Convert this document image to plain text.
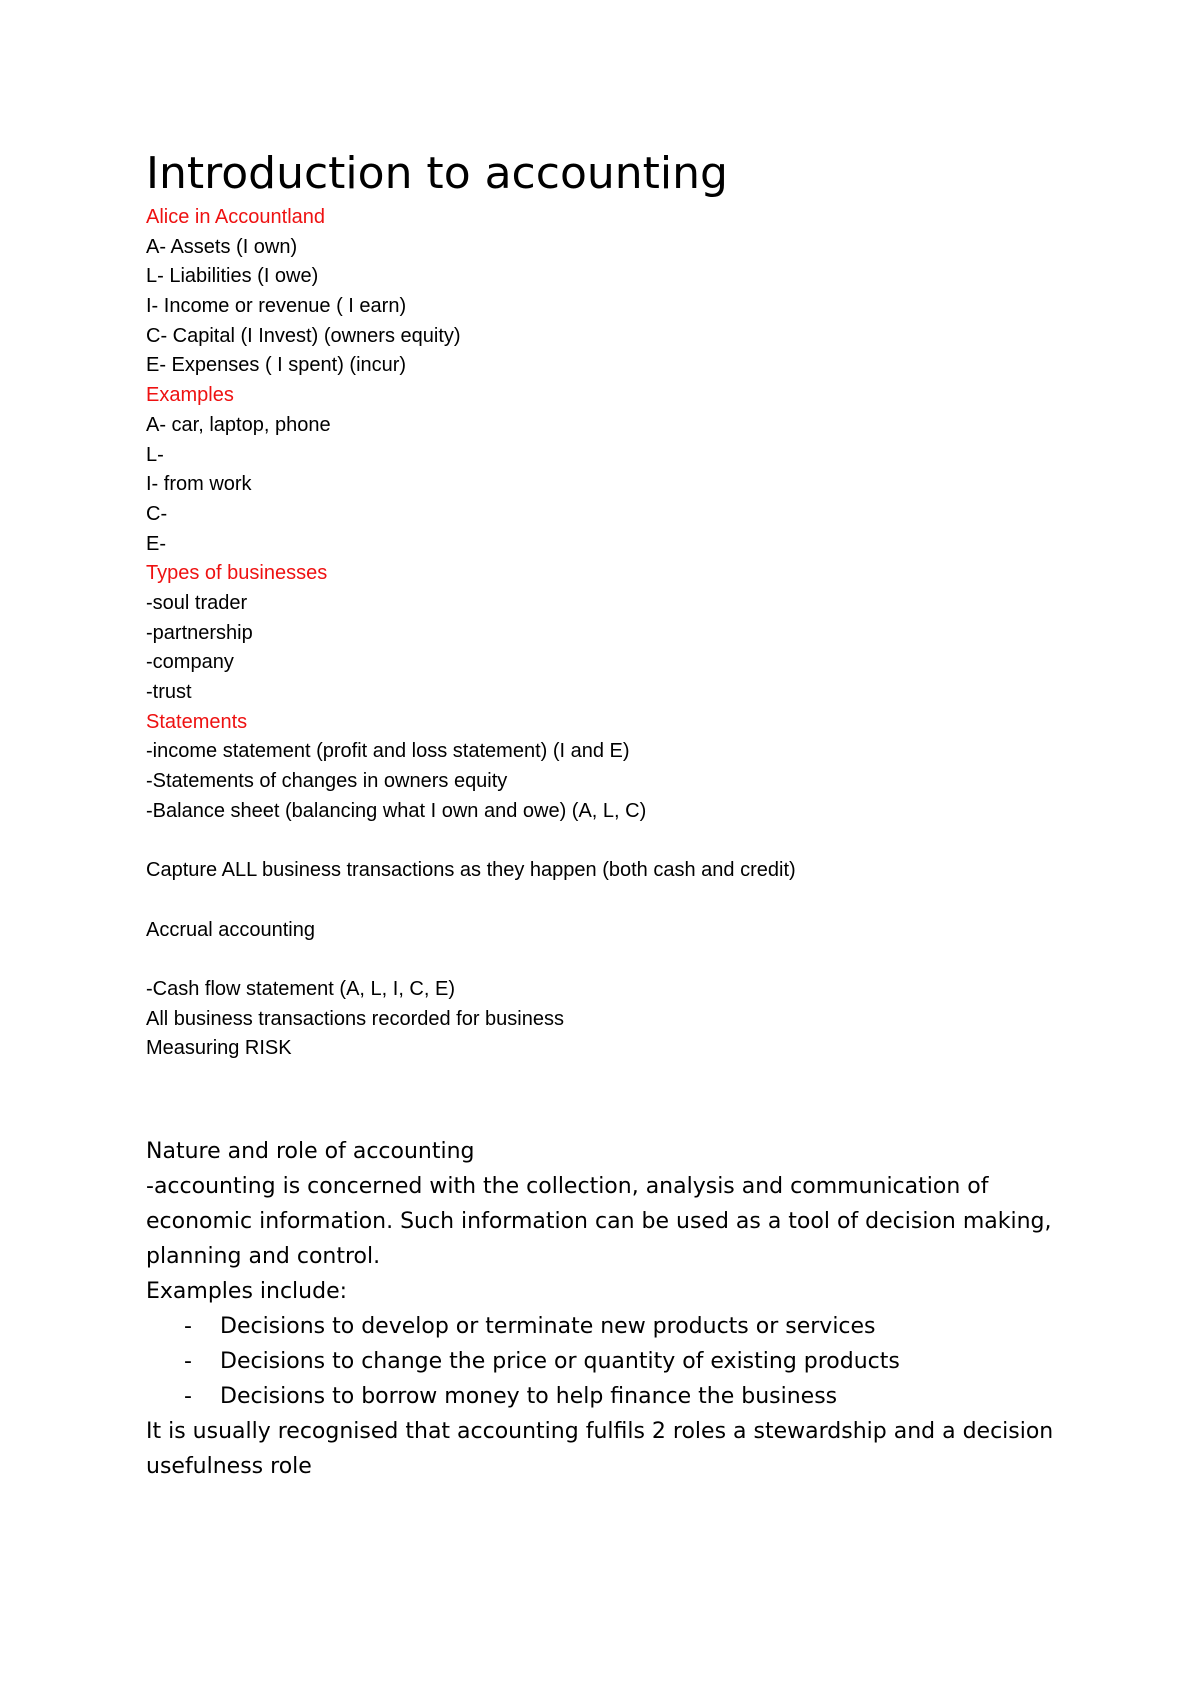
Introduction to accounting
Alice in Accountland
A- Assets (I own)
L- Liabilities (I owe)
I- Income or revenue ( I earn)
C- Capital (I Invest) (owners equity)
E- Expenses ( I spent) (incur)
Examples
A- car, laptop, phone
L-
I- from work
C-
E-
Types of businesses
-soul trader
-partnership
-company
-trust
Statements
-income statement (profit and loss statement) (I and E)
-Statements of changes in owners equity
-Balance sheet (balancing what I own and owe) (A, L, C)
Capture ALL business transactions as they happen (both cash and credit)
Accrual accounting
-Cash flow statement (A, L, I, C, E)
All business transactions recorded for business
Measuring RISK

Nature and role of accounting

-accounting is concerned with the collection, analysis and communication of economic information. Such information can be used as a tool of decision making, planning and control.

Examples include:

- Decisions to develop or terminate new products or services
- Decisions to change the price or quantity of existing products
- Decisions to borrow money to help finance the business

It is usually recognised that accounting fulfils 2 roles a stewardship and a decision usefulness role
